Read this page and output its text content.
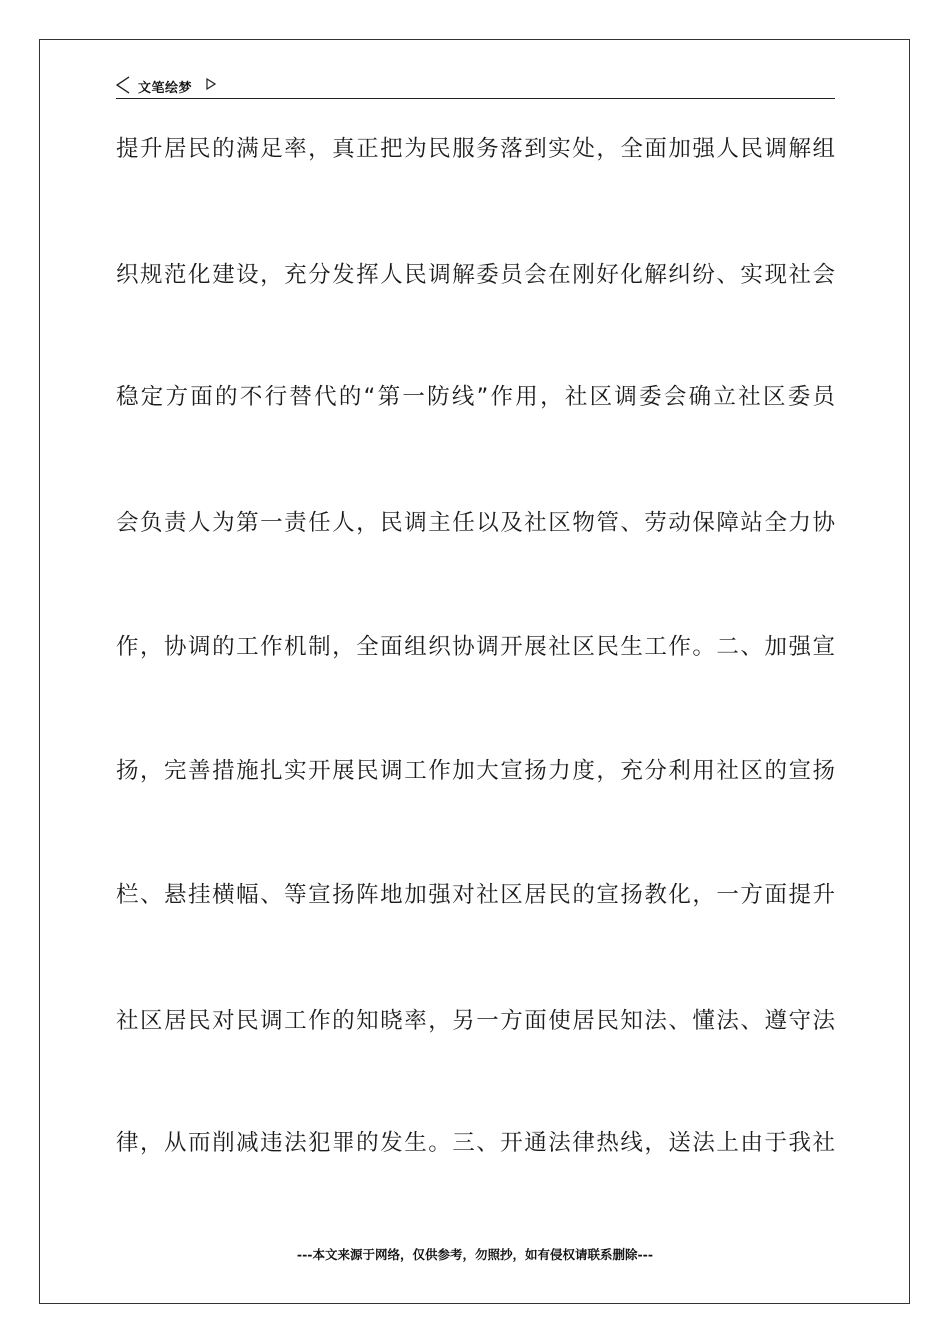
文笔绘梦
提升居民的满足率，真正把为民服务落到实处，全面加强人民调解组
织规范化建设，充分发挥人民调解委员会在刚好化解纠纷、实现社会
稳定方面的不行替代的“第一防线”作用，社区调委会确立社区委员
会负责人为第一责任人，民调主任以及社区物管、劳动保障站全力协
作，协调的工作机制，全面组织协调开展社区民生工作。二、加强宣
扬，完善措施扎实开展民调工作加大宣扬力度，充分利用社区的宣扬
栏、悬挂横幅、等宣扬阵地加强对社区居民的宣扬教化，一方面提升
社区居民对民调工作的知晓率，另一方面使居民知法、懂法、遵守法
律，从而削减违法犯罪的发生。三、开通法律热线，送法上由于我社
---本文来源于网络，仅供参考，勿照抄，如有侵权请联系删除---
